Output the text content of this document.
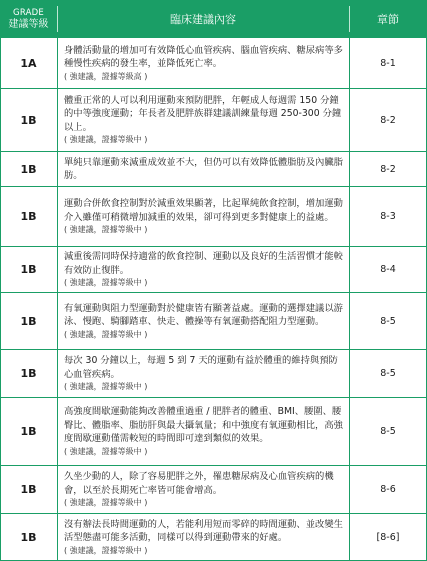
GRADE
建議等級	臨床建議內容	章節
1A
身體活動量的增加可有效降低心血管疾病、腦血管疾病、糖尿病等多種慢性疾病的發生率，並降低死亡率。
( 強建議，證據等級高 )
8-1
1B
體重正常的人可以利用運動來預防肥胖，年輕成人每週需 150 分鐘的中等強度運動；年長者及肥胖族群建議訓練量每週 250-300 分鐘以上。
( 強建議，證據等級中 )
8-2
1B
單純只靠運動來減重成效並不大，但仍可以有效降低體脂肪及內臟脂肪。
8-2
1B
運動合併飲食控制對於減重效果顯著，比起單純飲食控制，增加運動介入雖僅可稍微增加減重的效果，卻可得到更多對健康上的益處。
( 強建議，證據等級中 )
8-3
1B
減重後需同時保持適當的飲食控制、運動以及良好的生活習慣才能較有效防止復胖。
( 強建議，證據等級中 )
8-4
1B
有氧運動與阻力型運動對於健康皆有顯著益處。運動的選擇建議以游泳、慢跑、騎腳踏車、快走、體操等有氧運動搭配阻力型運動。
( 強建議，證據等級中 )
8-5
1B
每次 30 分鐘以上，每週 5 到 7 天的運動有益於體重的維持與預防心血管疾病。
( 強建議，證據等級中 )
8-5
1B
高強度間歇運動能夠改善體重過重 / 肥胖者的體重、BMI、腰圍、腰臀比、體脂率、脂肪肝與最大攝氧量；和中強度有氧運動相比，高強度間歇運動僅需較短的時間即可達到類似的效果。
( 強建議，證據等級中 )
8-5
1B
久坐少動的人，除了容易肥胖之外，罹患糖尿病及心血管疾病的機會，以至於長期死亡率皆可能會增高。
( 強建議，證據等級中 )
8-6
1B
沒有辦法長時間運動的人，若能利用短而零碎的時間運動、並改變生活型態盡可能多活動，同樣可以得到運動帶來的好處。
( 強建議，證據等級中 )
[8-6]
